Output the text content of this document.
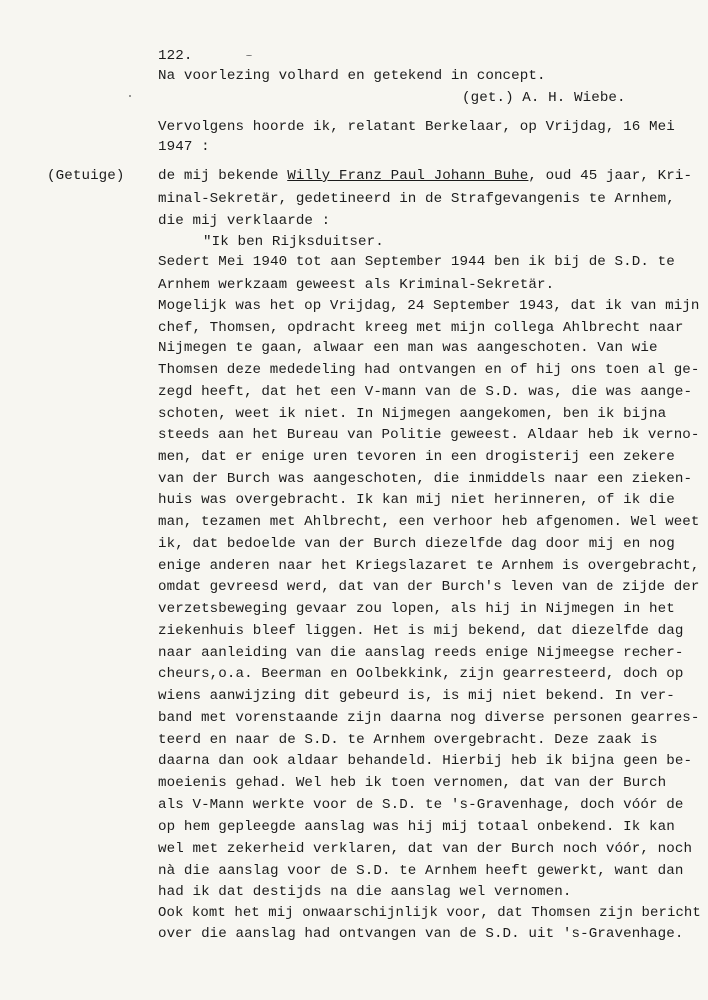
122.
Na voorlezing volhard en getekend in concept.
(get.) A. H. Wiebe.
Vervolgens hoorde ik, relatant Berkelaar, op Vrijdag, 16 Mei
1947 :
(Getuige) de mij bekende Willy Franz Paul Johann Buhe, oud 45 jaar, Kri-
minal-Sekretär, gedetineerd in de Strafgevangenis te Arnhem,
die mij verklaarde :
"Ik ben Rijksduitser.
Sedert Mei 1940 tot aan September 1944 ben ik bij de S.D. te
Arnhem werkzaam geweest als Kriminal-Sekretär.
Mogelijk was het op Vrijdag, 24 September 1943, dat ik van mijn
chef, Thomsen, opdracht kreeg met mijn collega Ahlbrecht naar
Nijmegen te gaan, alwaar een man was aangeschoten. Van wie
Thomsen deze mededeling had ontvangen en of hij ons toen al ge-
zegd heeft, dat het een V-mann van de S.D. was, die was aange-
schoten, weet ik niet. In Nijmegen aangekomen, ben ik bijna
steeds aan het Bureau van Politie geweest. Aldaar heb ik verno-
men, dat er enige uren tevoren in een drogisterij een zekere
van der Burch was aangeschoten, die inmiddels naar een zieken-
huis was overgebracht. Ik kan mij niet herinneren, of ik die
man, tezamen met Ahlbrecht, een verhoor heb afgenomen. Wel weet
ik, dat bedoelde van der Burch diezelfde dag door mij en nog
enige anderen naar het Kriegslazaret te Arnhem is overgebracht,
omdat gevreesd werd, dat van der Burch's leven van de zijde der
verzetsbeweging gevaar zou lopen, als hij in Nijmegen in het
ziekenhuis bleef liggen. Het is mij bekend, dat diezelfde dag
naar aanleiding van die aanslag reeds enige Nijmeegse recher-
cheurs,o.a. Beerman en Oolbekkink, zijn gearresteerd, doch op
wiens aanwijzing dit gebeurd is, is mij niet bekend. In ver-
band met vorenstaande zijn daarna nog diverse personen gearres-
teerd en naar de S.D. te Arnhem overgebracht. Deze zaak is
daarna dan ook aldaar behandeld. Hierbij heb ik bijna geen be-
moeienis gehad. Wel heb ik toen vernomen, dat van der Burch
als V-Mann werkte voor de S.D. te 's-Gravenhage, doch vóór de
op hem gepleegde aanslag was hij mij totaal onbekend. Ik kan
wel met zekerheid verklaren, dat van der Burch noch vóór, noch
nà die aanslag voor de S.D. te Arnhem heeft gewerkt, want dan
had ik dat destijds na die aanslag wel vernomen.
Ook komt het mij onwaarschijnlijk voor, dat Thomsen zijn bericht
over die aanslag had ontvangen van de S.D. uit 's-Gravenhage.
